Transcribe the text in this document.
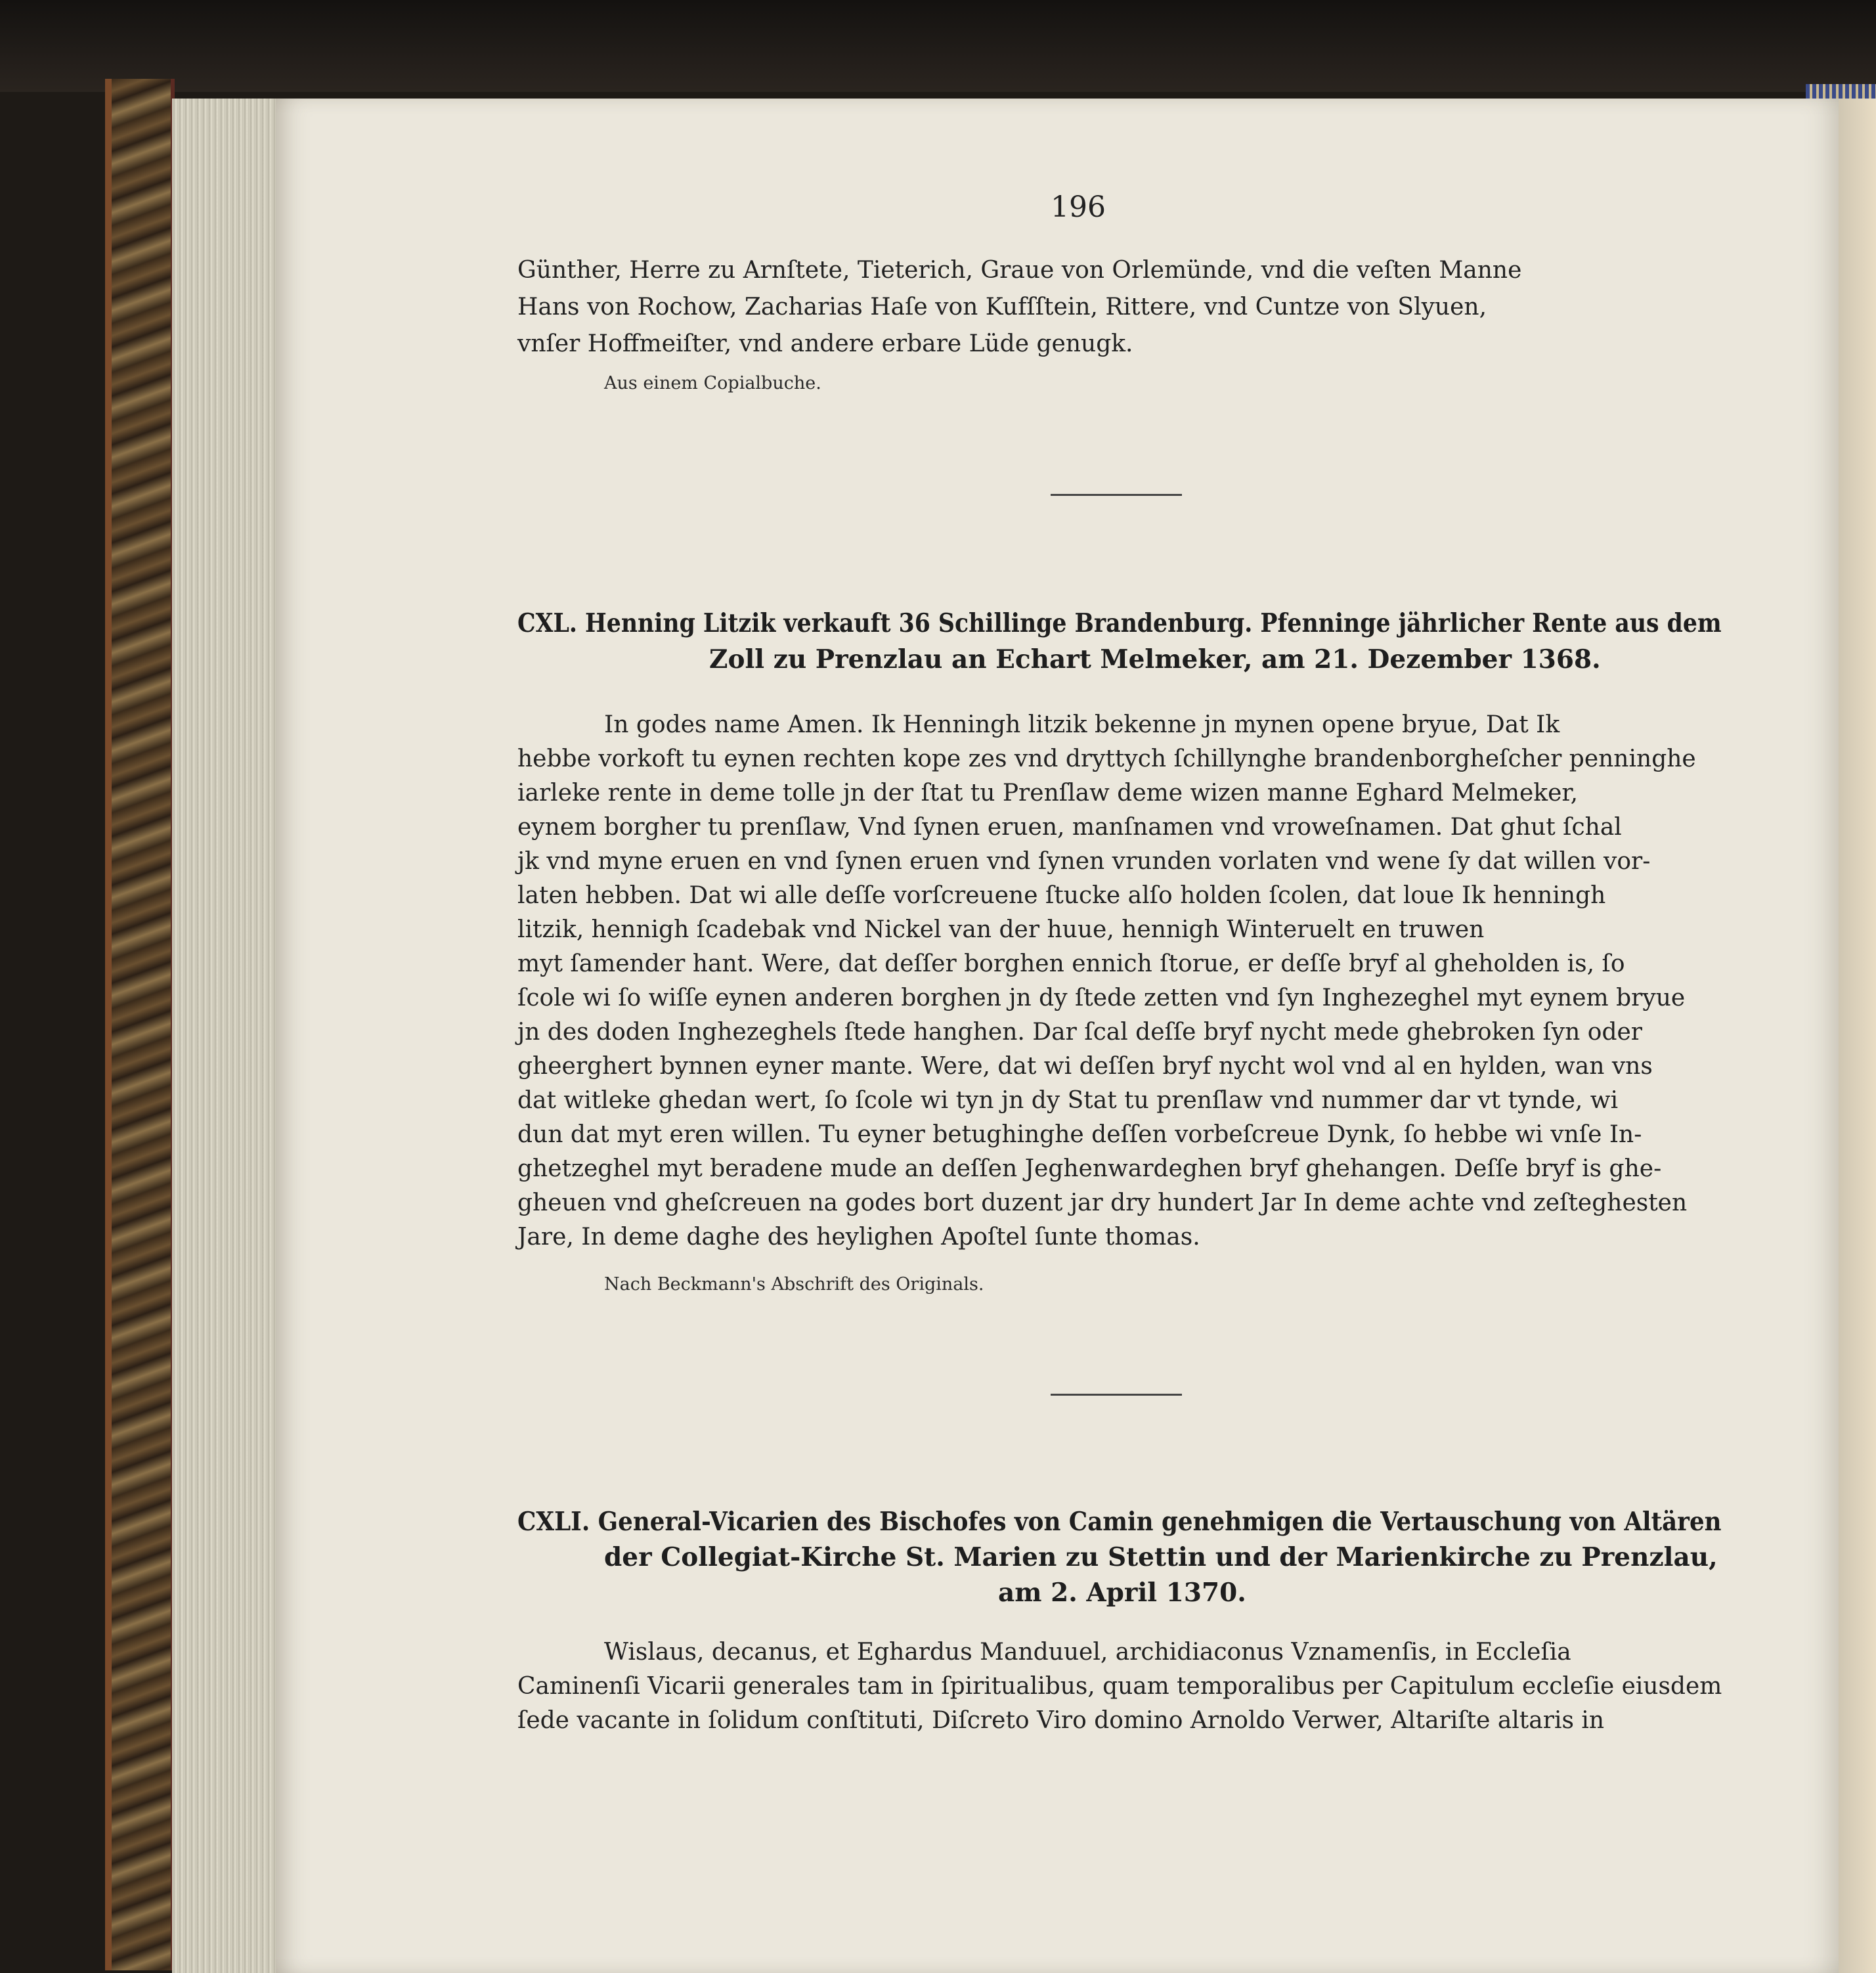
196
Günther, Herre zu Arnſtete, Tieterich, Graue von Orlemünde, vnd die veſten Manne
Hans von Rochow, Zacharias Haſe von Kufſſtein, Rittere, vnd Cuntze von Slyuen,
vnſer Hoffmeiſter, vnd andere erbare Lüde genugk.
Aus einem Copialbuche.
CXL. Henning Litzik verkauft 36 Schillinge Brandenburg. Pfenninge jährlicher Rente aus dem
Zoll zu Prenzlau an Echart Melmeker, am 21. Dezember 1368.
In godes name Amen. Ik Henningh litzik bekenne jn mynen opene bryue, Dat Ik
hebbe vorkoft tu eynen rechten kope zes vnd dryttych ſchillynghe brandenborgheſcher penninghe
iarleke rente in deme tolle jn der ſtat tu Prenſlaw deme wizen manne Eghard Melmeker,
eynem borgher tu prenſlaw, Vnd ſynen eruen, manſnamen vnd vroweſnamen. Dat ghut ſchal
jk vnd myne eruen en vnd ſynen eruen vnd ſynen vrunden vorlaten vnd wene ſy dat willen vor-
laten hebben. Dat wi alle deſſe vorſcreuene ſtucke alſo holden ſcolen, dat loue Ik henningh
litzik, hennigh ſcadebak vnd Nickel van der huue, hennigh Winteruelt en truwen
myt ſamender hant. Were, dat deſſer borghen ennich ſtorue, er deſſe bryf al gheholden is, ſo
ſcole wi ſo wiſſe eynen anderen borghen jn dy ſtede zetten vnd ſyn Inghezeghel myt eynem bryue
jn des doden Inghezeghels ſtede hanghen. Dar ſcal deſſe bryf nycht mede ghebroken ſyn oder
gheerghert bynnen eyner mante. Were, dat wi deſſen bryf nycht wol vnd al en hylden, wan vns
dat witleke ghedan wert, ſo ſcole wi tyn jn dy Stat tu prenſlaw vnd nummer dar vt tynde, wi
dun dat myt eren willen. Tu eyner betughinghe deſſen vorbeſcreue Dynk, ſo hebbe wi vnſe In-
ghetzeghel myt beradene mude an deſſen Jeghenwardeghen bryf ghehangen. Deſſe bryf is ghe-
gheuen vnd gheſcreuen na godes bort duzent jar dry hundert Jar In deme achte vnd zeſteghesten
Jare, In deme daghe des heylighen Apoſtel ſunte thomas.
Nach Beckmann's Abschrift des Originals.
CXLI. General-Vicarien des Bischofes von Camin genehmigen die Vertauschung von Altären
der Collegiat-Kirche St. Marien zu Stettin und der Marienkirche zu Prenzlau,
am 2. April 1370.
Wislaus, decanus, et Eghardus Manduuel, archidiaconus Vznamenſis, in Eccleſia
Caminenſi Vicarii generales tam in ſpiritualibus, quam temporalibus per Capitulum eccleſie eiusdem
ſede vacante in ſolidum conſtituti, Diſcreto Viro domino Arnoldo Verwer, Altariſte altaris in
